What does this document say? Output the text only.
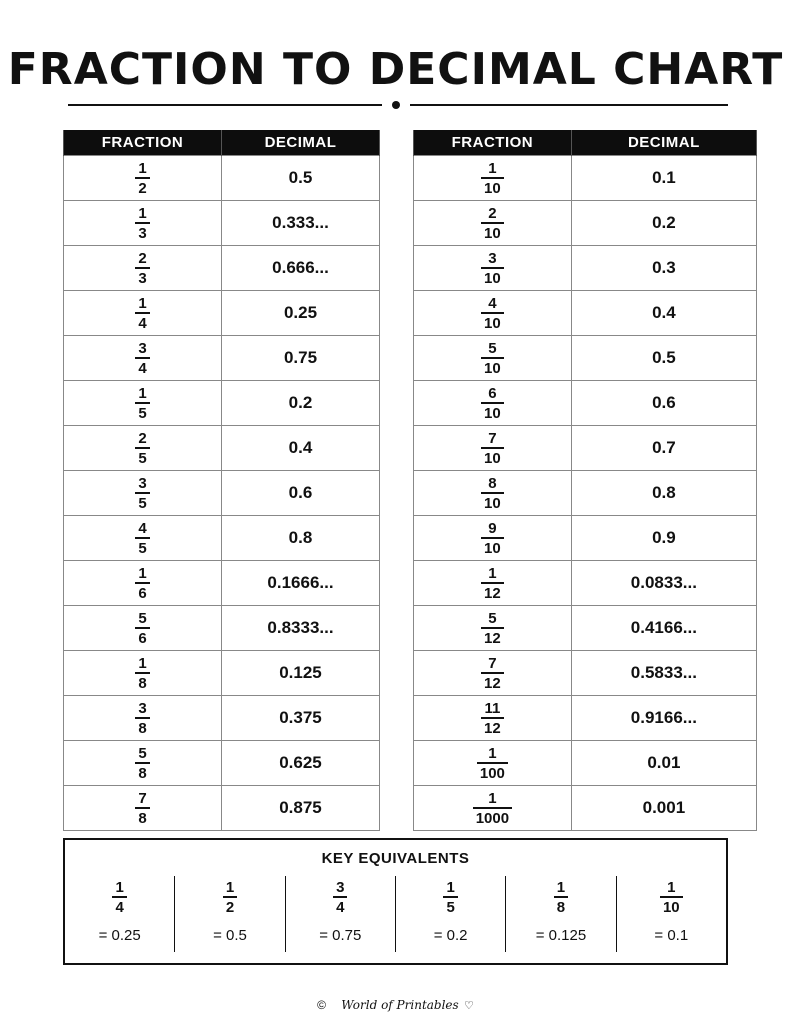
FRACTION TO DECIMAL CHART
FRACTION	DECIMAL

$\frac{1}{2}$	0.5

$\frac{1}{3}$	0.333...

$\frac{2}{3}$	0.666...

$\frac{1}{4}$	0.25

$\frac{3}{4}$	0.75

$\frac{1}{5}$	0.2

$\frac{2}{5}$	0.4

$\frac{3}{5}$	0.6

$\frac{4}{5}$	0.8

$\frac{1}{6}$	0.1666...

$\frac{5}{6}$	0.8333...

$\frac{1}{8}$	0.125

$\frac{3}{8}$	0.375

$\frac{5}{8}$	0.625

$\frac{7}{8}$	0.875
FRACTION	DECIMAL

$\frac{1}{10}$	0.1

$\frac{2}{10}$	0.2

$\frac{3}{10}$	0.3

$\frac{4}{10}$	0.4

$\frac{5}{10}$	0.5

$\frac{6}{10}$	0.6

$\frac{7}{10}$	0.7

$\frac{8}{10}$	0.8

$\frac{9}{10}$	0.9

$\frac{1}{12}$	0.0833...

$\frac{5}{12}$	0.4166...

$\frac{7}{12}$	0.5833...

$\frac{11}{12}$	0.9166...

$\frac{1}{100}$	0.01

$\frac{1}{1000}$	0.001
KEY EQUIVALENTS
$\frac{1}{4}$
= 0.25
$\frac{1}{2}$
= 0.5
$\frac{3}{4}$
= 0.75
$\frac{1}{5}$
= 0.2
$\frac{1}{8}$
= 0.125
$\frac{1}{10}$
= 0.1
© World of Printables ♡
